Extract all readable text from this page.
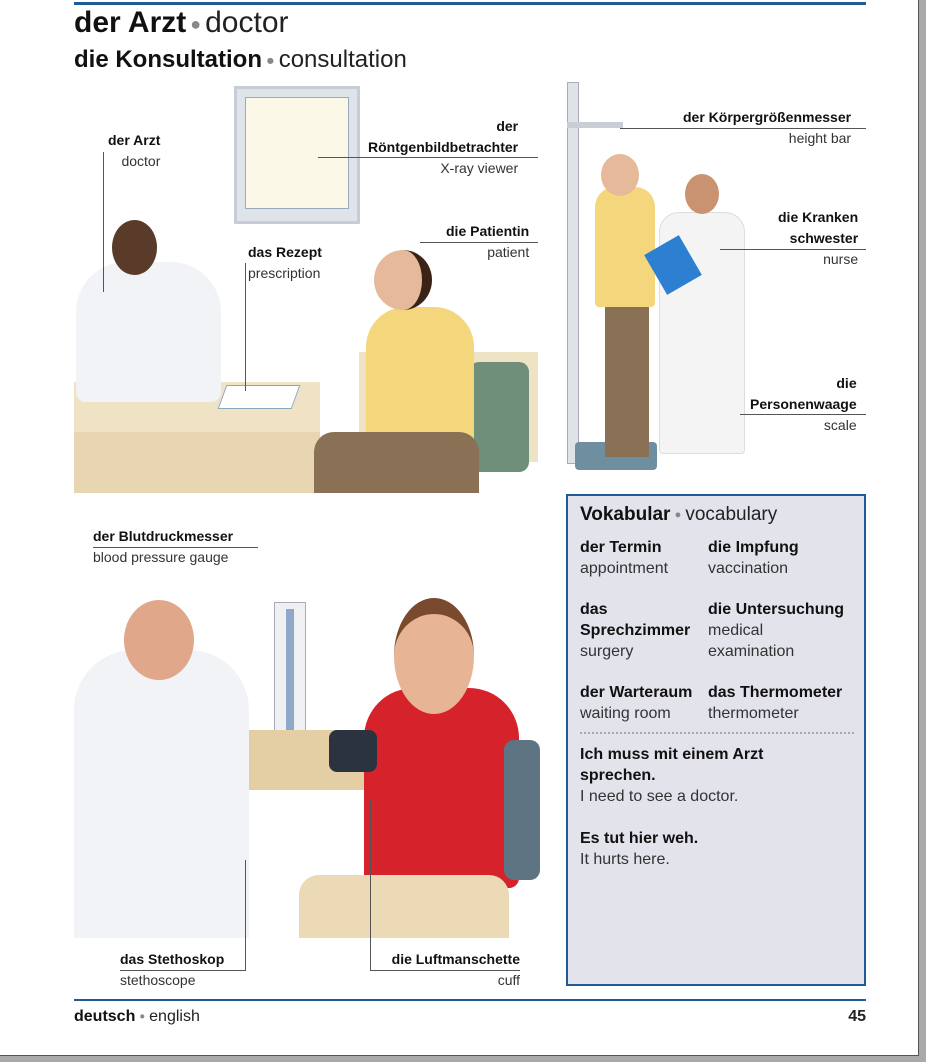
der Arzt ● doctor
die Konsultation ● consultation
der Arzt
doctor
der
Röntgenbildbetrachter
X-ray viewer
das Rezept
prescription
die Patientin
patient
der Körpergrößenmesser
height bar
die Kranken
schwester
nurse
die
Personenwaage
scale
der Blutdruckmesser
blood pressure gauge
das Stethoskop
stethoscope
die Luftmanschette
cuff
Vokabular ● vocabulary
der Termin
appointment
die Impfung
vaccination
das
Sprechzimmer
surgery
die Untersuchung
medical
examination
der Warteraum
waiting room
das Thermometer
thermometer
Ich muss mit einem Arzt
sprechen.
I need to see a doctor.
Es tut hier weh.
It hurts here.
deutsch ● english	45
